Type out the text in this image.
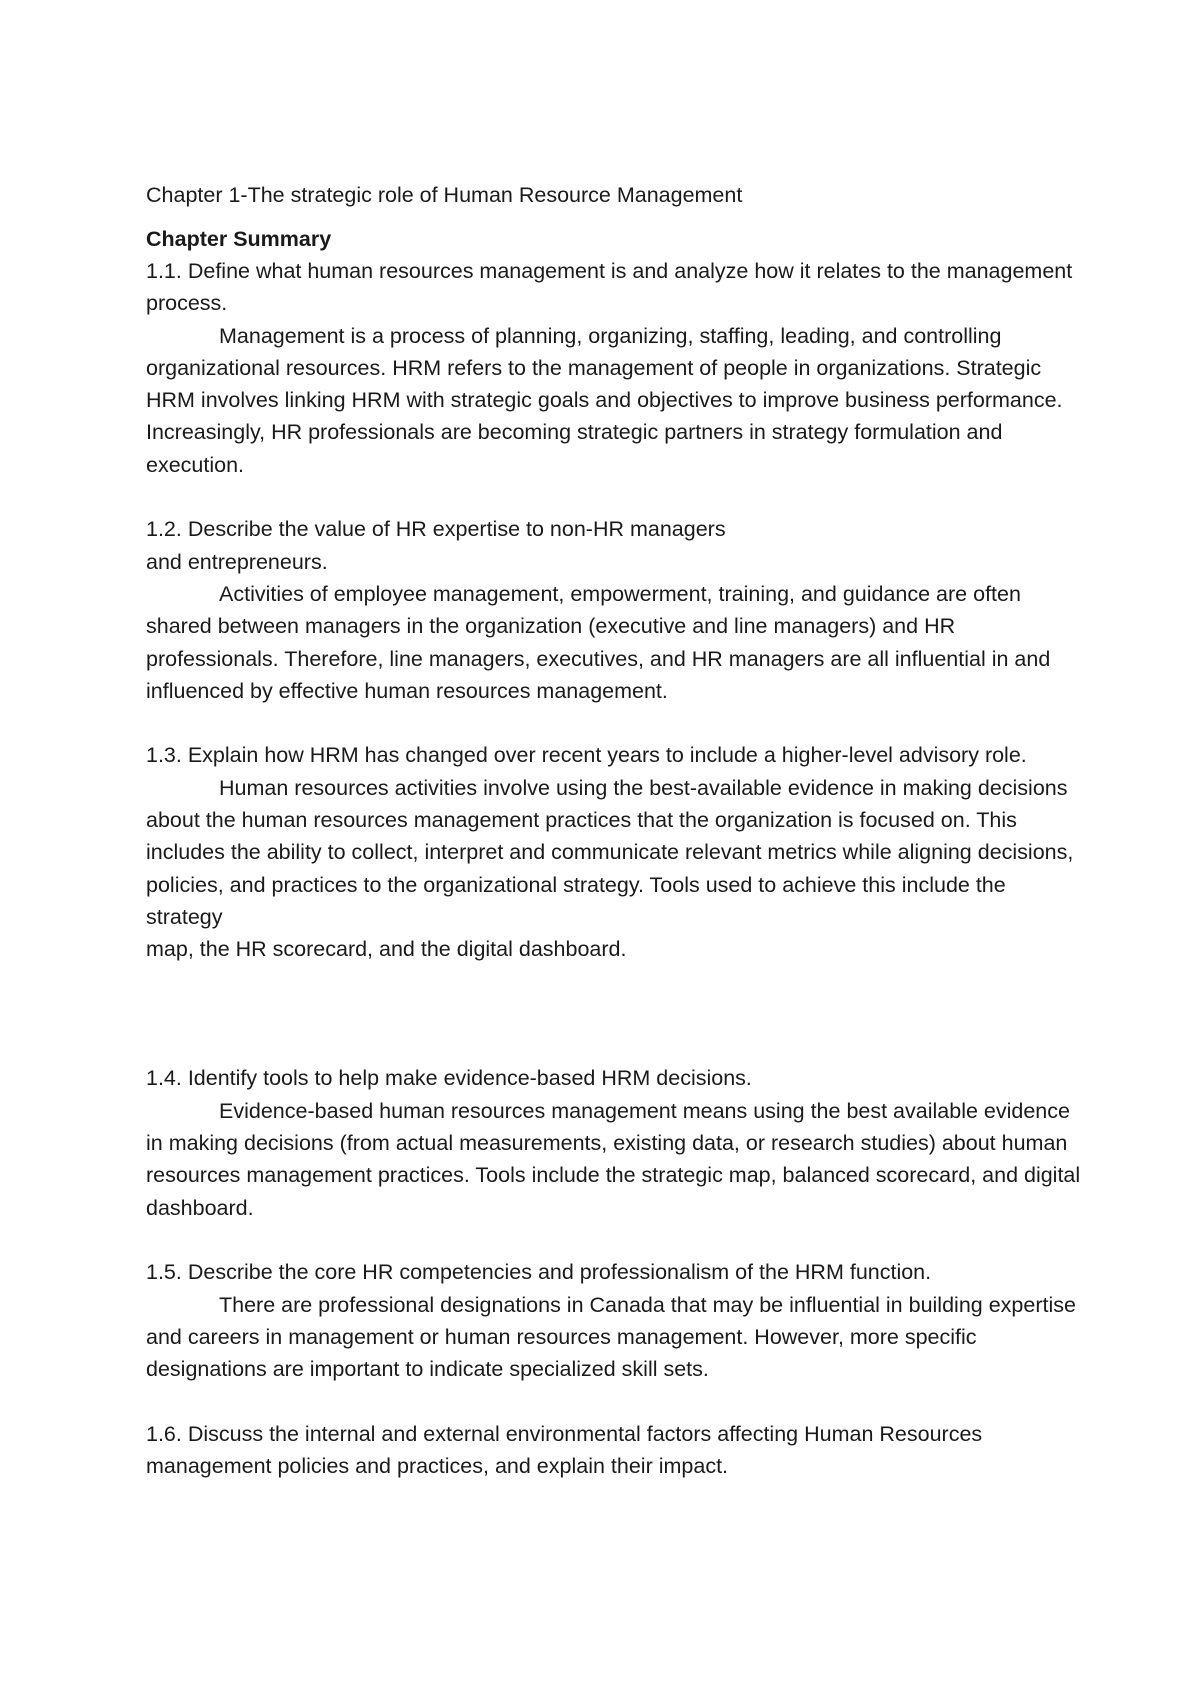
Chapter 1-The strategic role of Human Resource Management

Chapter Summary

1.1. Define what human resources management is and analyze how it relates to the management process.
Management is a process of planning, organizing, staffing, leading, and controlling organizational resources. HRM refers to the management of people in organizations. Strategic HRM involves linking HRM with strategic goals and objectives to improve business performance. Increasingly, HR professionals are becoming strategic partners in strategy formulation and execution.
1.2. Describe the value of HR expertise to non-HR managers
and entrepreneurs.
Activities of employee management, empowerment, training, and guidance are often shared between managers in the organization (executive and line managers) and HR professionals. Therefore, line managers, executives, and HR managers are all influential in and influenced by effective human resources management.
1.3. Explain how HRM has changed over recent years to include a higher-level advisory role.
Human resources activities involve using the best-available evidence in making decisions about the human resources management practices that the organization is focused on. This includes the ability to collect, interpret and communicate relevant metrics while aligning decisions, policies, and practices to the organizational strategy. Tools used to achieve this include the strategy
map, the HR scorecard, and the digital dashboard.
1.4. Identify tools to help make evidence-based HRM decisions.
Evidence-based human resources management means using the best available evidence in making decisions (from actual measurements, existing data, or research studies) about human resources management practices. Tools include the strategic map, balanced scorecard, and digital dashboard.
1.5. Describe the core HR competencies and professionalism of the HRM function.
There are professional designations in Canada that may be influential in building expertise and careers in management or human resources management. However, more specific designations are important to indicate specialized skill sets.
1.6. Discuss the internal and external environmental factors affecting Human Resources management policies and practices, and explain their impact.
